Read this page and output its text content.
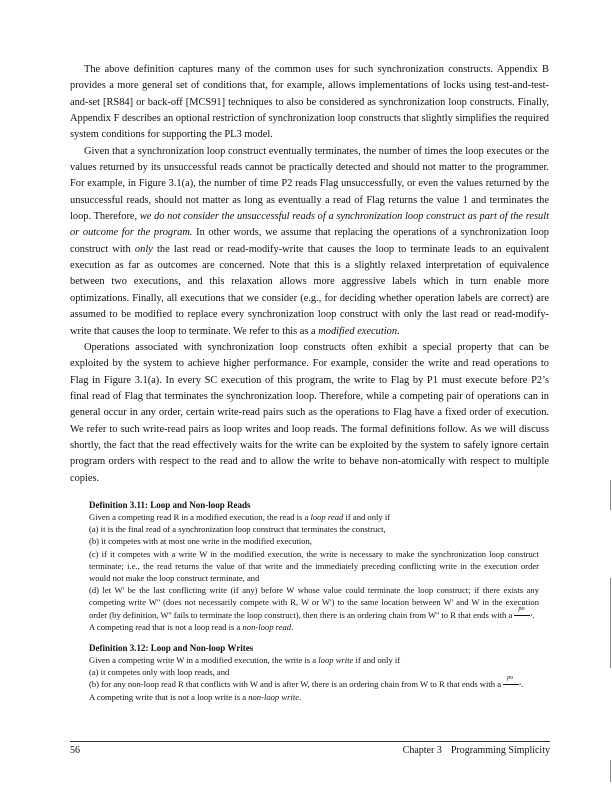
The above definition captures many of the common uses for such synchronization constructs. Appendix B provides a more general set of conditions that, for example, allows implementations of locks using test-and-test-and-set [RS84] or back-off [MCS91] techniques to also be considered as synchronization loop constructs. Finally, Appendix F describes an optional restriction of synchronization loop constructs that slightly simplifies the required system conditions for supporting the PL3 model.

Given that a synchronization loop construct eventually terminates, the number of times the loop executes or the values returned by its unsuccessful reads cannot be practically detected and should not matter to the programmer. For example, in Figure 3.1(a), the number of time P2 reads Flag unsuccessfully, or even the values returned by the unsuccessful reads, should not matter as long as eventually a read of Flag returns the value 1 and terminates the loop. Therefore, we do not consider the unsuccessful reads of a synchronization loop construct as part of the result or outcome for the program. In other words, we assume that replacing the operations of a synchronization loop construct with only the last read or read-modify-write that causes the loop to terminate leads to an equivalent execution as far as outcomes are concerned. Note that this is a slightly relaxed interpretation of equivalence between two executions, and this relaxation allows more aggressive labels which in turn enable more optimizations. Finally, all executions that we consider (e.g., for deciding whether operation labels are correct) are assumed to be modified to replace every synchronization loop construct with only the last read or read-modify-write that causes the loop to terminate. We refer to this as a modified execution.

Operations associated with synchronization loop constructs often exhibit a special property that can be exploited by the system to achieve higher performance. For example, consider the write and read operations to Flag in Figure 3.1(a). In every SC execution of this program, the write to Flag by P1 must execute before P2’s final read of Flag that terminates the synchronization loop. Therefore, while a competing pair of operations can in general occur in any order, certain write-read pairs such as the operations to Flag have a fixed order of execution. We refer to such write-read pairs as loop writes and loop reads. The formal definitions follow. As we will discuss shortly, the fact that the read effectively waits for the write can be exploited by the system to safely ignore certain program orders with respect to the read and to allow the write to behave non-atomically with respect to multiple copies.

Definition 3.11: Loop and Non-loop Reads

Given a competing read R in a modified execution, the read is a loop read if and only if

(a) it is the final read of a synchronization loop construct that terminates the construct,

(b) it competes with at most one write in the modified execution,

(c) if it competes with a write W in the modified execution, the write is necessary to make the synchronization loop construct terminate; i.e., the read returns the value of that write and the immediately preceding conflicting write in the execution order would not make the loop construct terminate, and

(d) let W' be the last conflicting write (if any) before W whose value could terminate the loop construct; if there exists any competing write W'' (does not necessarily compete with R, W or W') to the same location between W' and W in the execution order (by definition, W'' fails to terminate the loop construct), then there is an ordering chain from W'' to R that ends with a
po
› .

A competing read that is not a loop read is a non-loop read.

Definition 3.12: Loop and Non-loop Writes

Given a competing write W in a modified execution, the write is a loop write if and only if

(a) it competes only with loop reads, and

(b) for any non-loop read R that conflicts with W and is after W, there is an ordering chain from W to R that ends with a
po
› .

A competing write that is not a loop write is a non-loop write.

56	Chapter 3 Programming Simplicity
